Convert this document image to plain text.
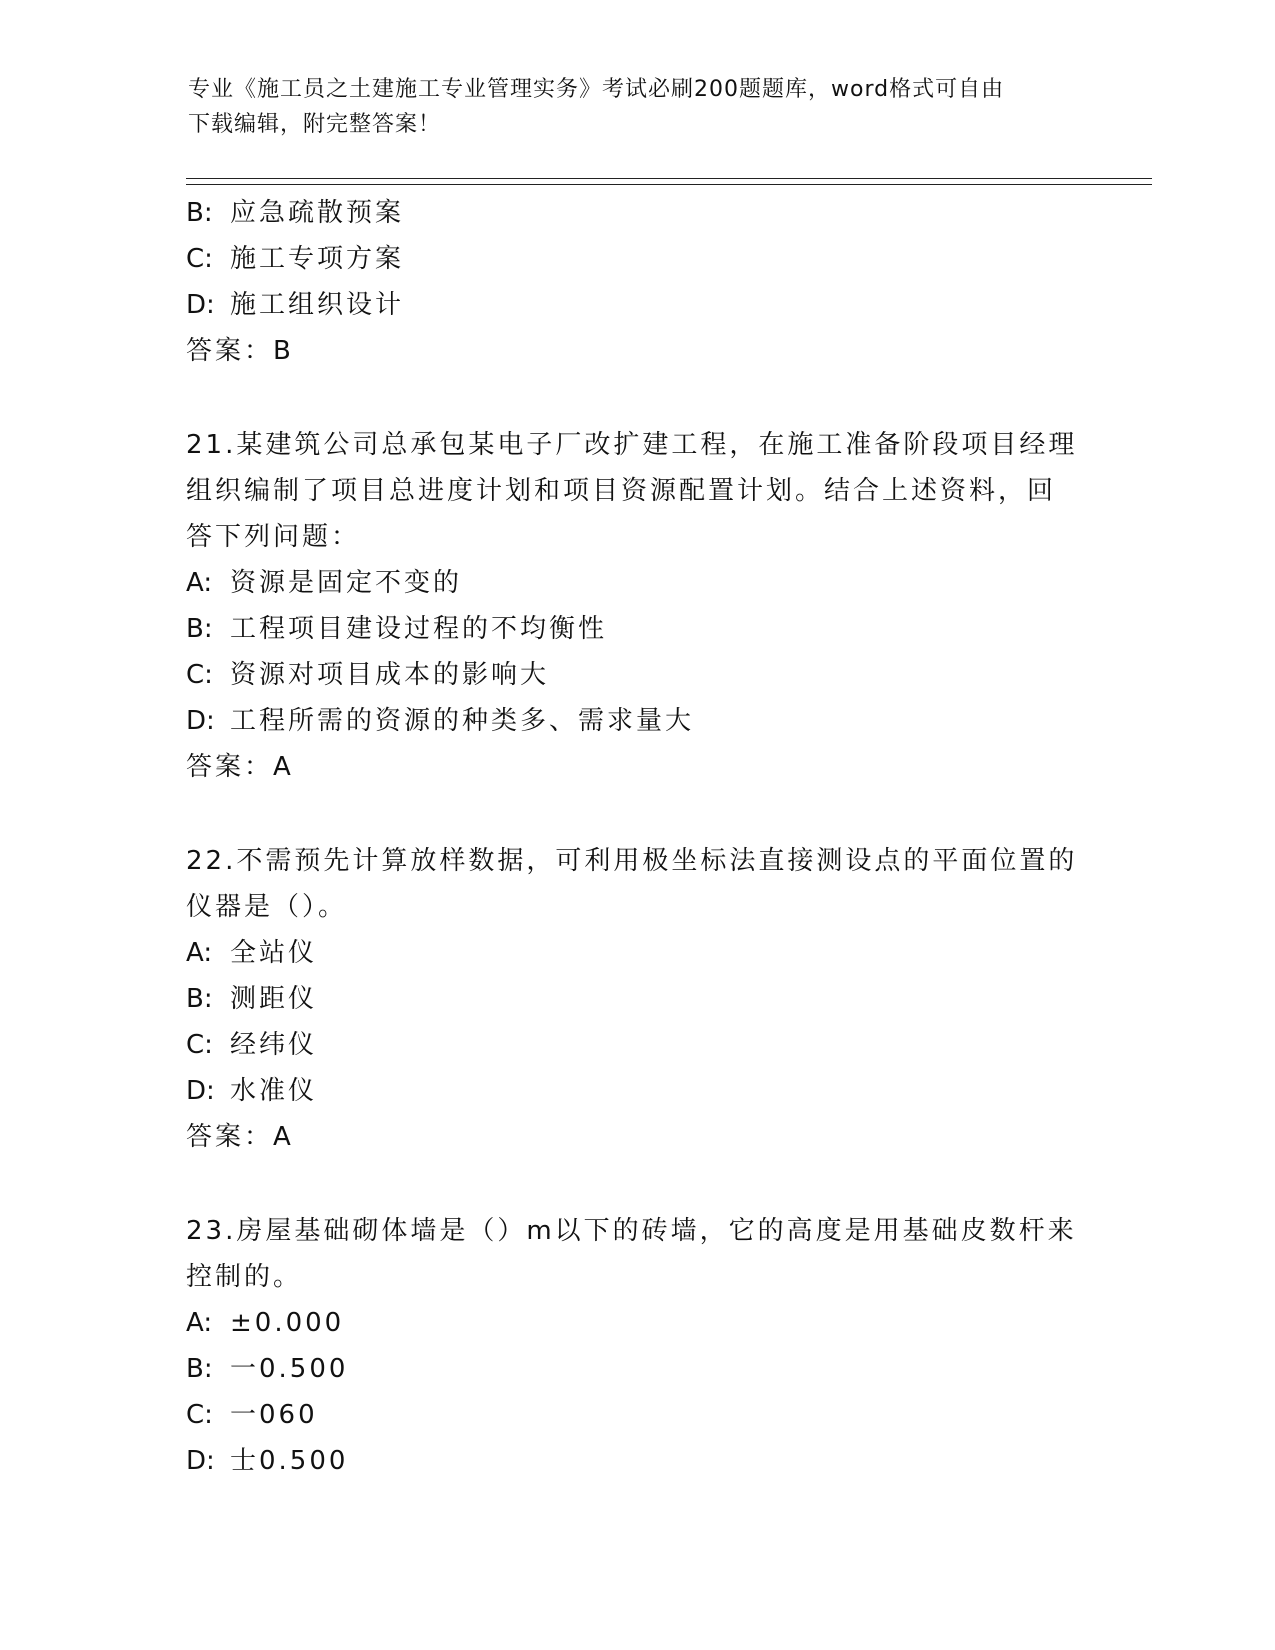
专业《施工员之土建施工专业管理实务》考试必刷200题题库，word格式可自由
下载编辑，附完整答案！
B: 应急疏散预案
C: 施工专项方案
D: 施工组织设计
答案：B
21.某建筑公司总承包某电子厂改扩建工程，在施工准备阶段项目经理
组织编制了项目总进度计划和项目资源配置计划。结合上述资料，回
答下列问题：
A: 资源是固定不变的
B: 工程项目建设过程的不均衡性
C: 资源对项目成本的影响大
D: 工程所需的资源的种类多、需求量大
答案：A
22.不需预先计算放样数据，可利用极坐标法直接测设点的平面位置的
仪器是（）。
A: 全站仪
B: 测距仪
C: 经纬仪
D: 水准仪
答案：A
23.房屋基础砌体墙是（）m以下的砖墙，它的高度是用基础皮数杆来
控制的。
A: ±0.000
B: 一0.500
C: 一060
D: 士0.500
